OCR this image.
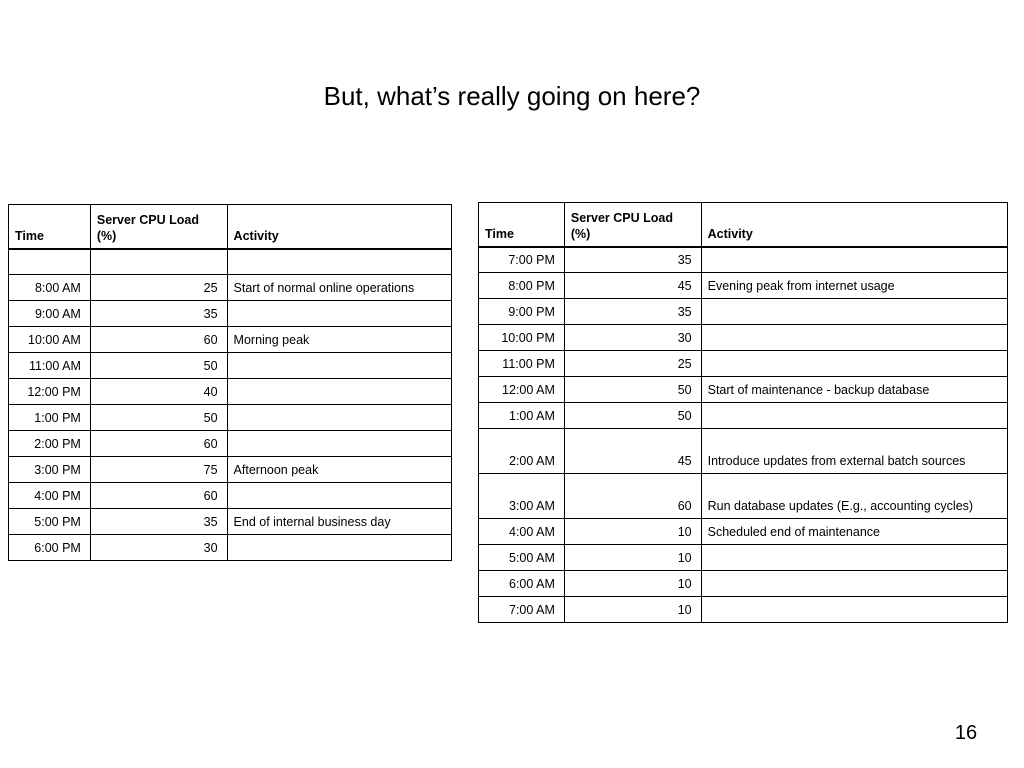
But, what’s really going on here?
Time	Server CPU Load (%)	Activity

8:00 AM	25	Start of normal online operations
9:00 AM	35	
10:00 AM	60	Morning peak
11:00 AM	50	
12:00 PM	40	
1:00 PM	50	
2:00 PM	60	
3:00 PM	75	Afternoon peak
4:00 PM	60	
5:00 PM	35	End of internal business day
6:00 PM	30	
Time	Server CPU Load (%)	Activity
7:00 PM	35	
8:00 PM	45	Evening peak from internet usage
9:00 PM	35	
10:00 PM	30	
11:00 PM	25	
12:00 AM	50	Start of maintenance - backup database
1:00 AM	50	
2:00 AM	45	Introduce updates from external batch sources
3:00 AM	60	Run database updates (E.g., accounting cycles)
4:00 AM	10	Scheduled end of maintenance
5:00 AM	10	
6:00 AM	10	
7:00 AM	10	
16
